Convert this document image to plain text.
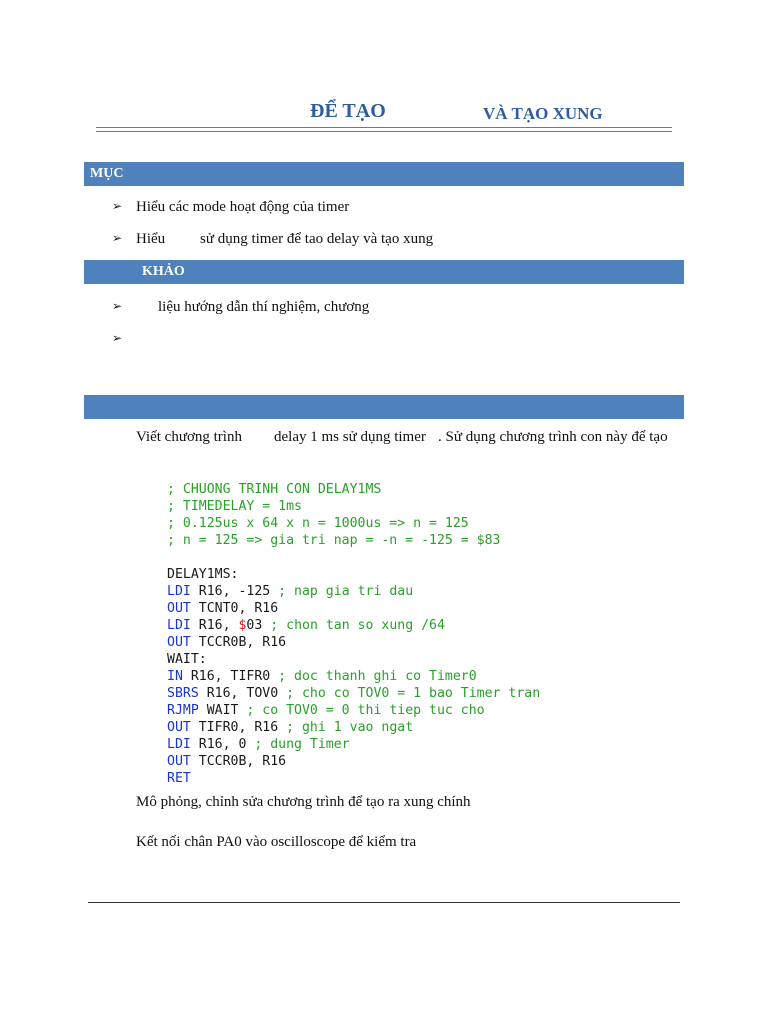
ĐỂ TẠO	VÀ TẠO XUNG
MỤC
➢ Hiểu các mode hoạt động của timer
➢ Hiểu sử dụng timer để tao delay và tạo xung
KHẢO
➢ liệu hướng dẫn thí nghiệm, chương
➢
Viết chương trình delay 1 ms sử dụng timer . Sử dụng chương trình con này để tạo
; CHUONG TRINH CON DELAY1MS
; TIMEDELAY = 1ms
; 0.125us x 64 x n = 1000us => n = 125
; n = 125 => gia tri nap = -n = -125 = $83

DELAY1MS:
LDI R16, -125 ; nap gia tri dau
OUT TCNT0, R16
LDI R16, $03 ; chon tan so xung /64
OUT TCCR0B, R16
WAIT:
IN R16, TIFR0 ; doc thanh ghi co Timer0
SBRS R16, TOV0 ; cho co TOV0 = 1 bao Timer tran
RJMP WAIT ; co TOV0 = 0 thi tiep tuc cho
OUT TIFR0, R16 ; ghi 1 vao ngat
LDI R16, 0 ; dung Timer
OUT TCCR0B, R16
RET
Mô phỏng, chỉnh sửa chương trình để tạo ra xung chính
Kết nối chân PA0 vào oscilloscope để kiểm tra
